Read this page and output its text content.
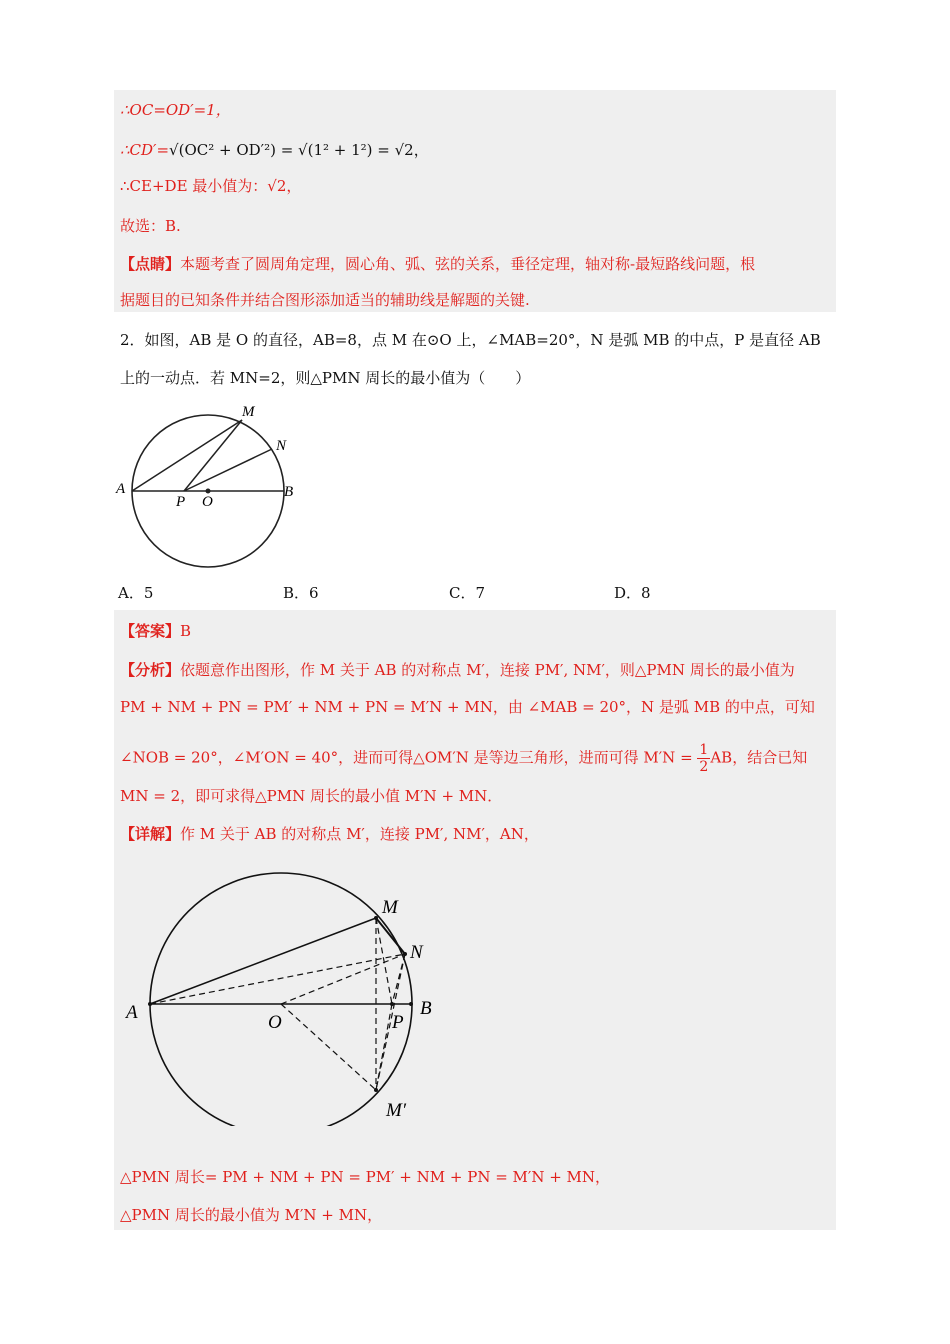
∴OC=OD′=1，
∴CD′=√(OC² + OD′²) = √(1² + 1²) = √2，
∴CE+DE 最小值为：√2，
故选：B.
【点睛】本题考查了圆周角定理，圆心角、弧、弦的关系，垂径定理，轴对称-最短路线问题，根
据题目的已知条件并结合图形添加适当的辅助线是解题的关键.
2．如图，AB 是 O 的直径，AB=8，点 M 在⊙O 上，∠MAB=20°，N 是弧 MB 的中点，P 是直径 AB
上的一动点．若 MN=2，则△PMN 周长的最小值为（　　）
M
N
A
P O
B
A．5	B．6	C．7	D．8
【答案】B
【分析】依题意作出图形，作 M 关于 AB 的对称点 M′，连接 PM′, NM′，则△PMN 周长的最小值为
PM + NM + PN = PM′ + NM + PN = M′N + MN，由 ∠MAB = 20°，N 是弧 MB 的中点，可知
∠NOB = 20°，∠M′ON = 40°，进而可得△OM′N 是等边三角形，进而可得 $M'N = \frac{1}{2}$ AB，结合已知
MN = 2，即可求得△PMN 周长的最小值 M′N + MN．
【详解】作 M 关于 AB 的对称点 M′，连接 PM′, NM′，AN，
M
N
A	O	P
B
M′
△PMN 周长= PM + NM + PN = PM′ + NM + PN = M′N + MN，
△PMN 周长的最小值为 M′N + MN，
